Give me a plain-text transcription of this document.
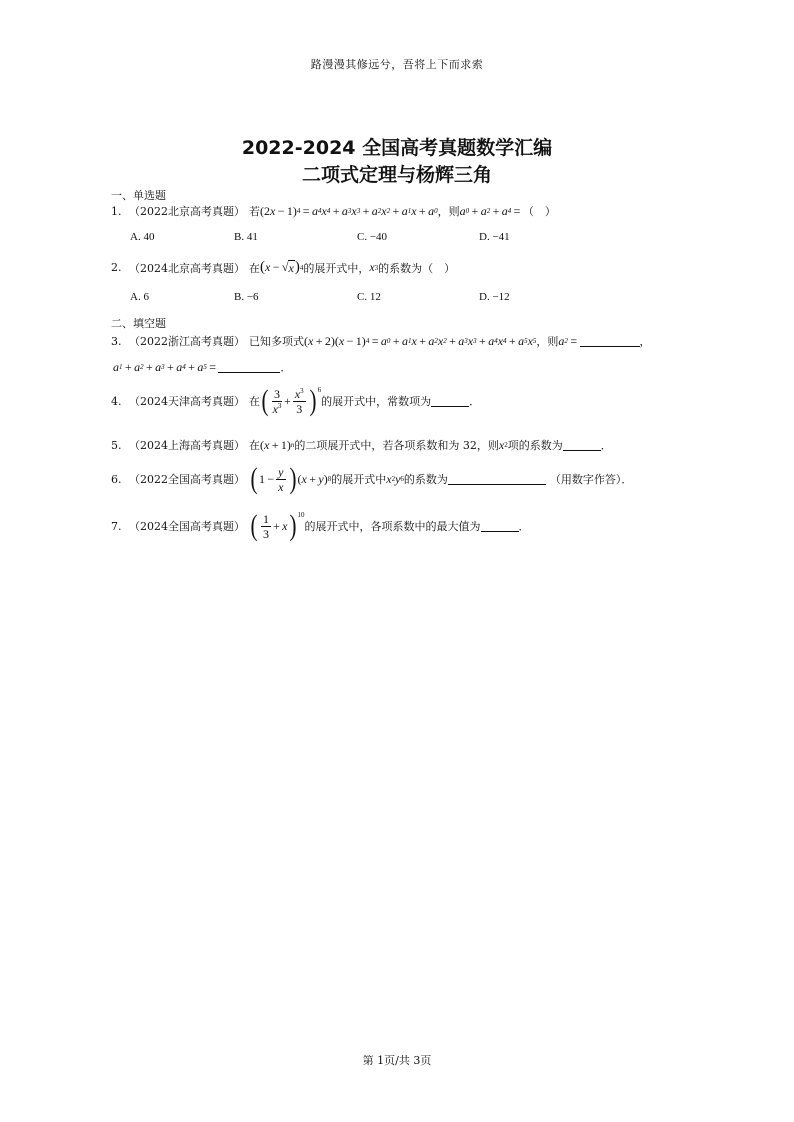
路漫漫其修远兮，吾将上下而求索
2022-2024 全国高考真题数学汇编
二项式定理与杨辉三角
一、单选题
1. （2022北京高考真题） 若 (2 x  − 1) 4  =  a 4 x 4  +  a 3 x 3  +  a 2 x 2  +  a 1 x  +  a 0 ，则 a 0  +  a 2  +  a 4  =  （　）
A. 40	B. 41	C. −40	D. −41
2. （2024北京高考真题） 在 ( x  − √ x ) 4 的展开式中， x 3 的系数为（　）
A. 6	B. −6	C. 12	D. −12
二、填空题
3. （2022浙江高考真题） 已知多项式 ( x  + 2)( x  − 1) 4  =  a 0  +  a 1 x  +  a 2 x 2  +  a 3 x 3  +  a 4 x 4  +  a 5 x 5 ，则 a 2  = 	，
a 1  +  a 2  +  a 3  +  a 4  +  a 5  = 	．
4. （2024天津高考真题） 在 ( $\frac{3}{x^3} + \frac{x^3}{3} )^6$
的展开式中，常数项为	．
5. （2024上海高考真题） 在 ( x  + 1) n 的二项展开式中，若各项系数和为 32，则 x 2 项的系数为	．
6. （2022全国高考真题） ( $1 - \frac{y}{x}$ ) ( x  +  y ) 8 的展开式中 x 2 y 6 的系数为	（用数字作答）．
7. （2024全国高考真题） ( $\frac{1}{3} + x$ )$^{10}$
的展开式中，各项系数中的最大值为	．
第 1页/共 3页
